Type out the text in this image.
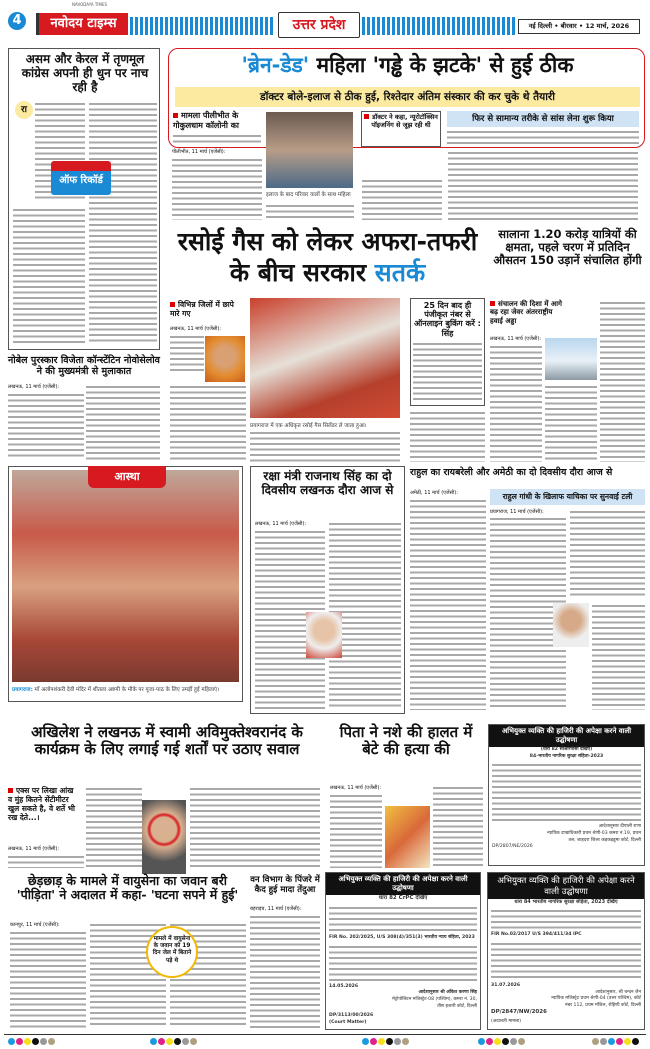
4
NAVODAYA TIMES
नवोदय टाइम्स	उत्तर प्रदेश	नई दिल्ली • बीरवार • 12 मार्च, 2026
असम और केरल में तृणमूल कांग्रेस अपनी ही धुन पर नाच रही है
रा
ऑफ रिकॉर्ड
'ब्रेन-डेड' महिला 'गड्ढे के झटके' से हुई ठीक
डॉक्टर बोले-इलाज से ठीक हुई, रिश्तेदार अंतिम संस्कार की कर चुके थे तैयारी
मामला पीलीभीत के गोकुलधाम कॉलोनी का
डॉक्टर ने कहा, न्यूरोटॉक्सिन पॉइजनिंग से जूझ रही थी
फिर से सामान्य तरीके से सांस लेना शुरू किया
इलाज के बाद परिवार वालों के साथ महिला
पीलीभीत, 11 मार्च (एजेंसी):
रसोई गैस को लेकर अफरा-तफरी के बीच सरकार सतर्क
विभिन्न जिलों में छापे मारे गए
लखनऊ, 11 मार्च (एजेंसी):
प्रयागराज में एक अधिकृत रसोई गैस सिलेंडर ले जाता हुआ।
25 दिन बाद ही पंजीकृत नंबर से ऑनलाइन बुकिंग करें : सिंह
सालाना 1.20 करोड़ यात्रियों की क्षमता, पहले चरण में प्रतिदिन औसतन 150 उड़ानें संचालित होंगी
संचालन की दिशा में आगे बढ़ रहा जेवर अंतरराष्ट्रीय हवाई अड्डा
लखनऊ, 11 मार्च (एजेंसी):
नोबेल पुरस्कार विजेता कॉन्स्टेंटिन नोवोसेलोव ने की मुख्यमंत्री से मुलाकात
लखनऊ, 11 मार्च (एजेंसी):
प्रयागराज: माँ अलोपशंकरी देवी मंदिर में शीतला अष्टमी के मौके पर पूजा-पाठ के लिए उमड़ीं हुईं महिलाएं।
आस्था	रक्षा मंत्री राजनाथ सिंह का दो दिवसीय लखनऊ दौरा आज से
लखनऊ, 11 मार्च (एजेंसी):
राहुल का रायबरेली और अमेठी का दो दिवसीय दौरा आज से
अमेठी, 11 मार्च (एजेंसी):	राहुल गांधी के खिलाफ याचिका पर सुनवाई टली
प्रयागराज, 11 मार्च (एजेंसी):
अखिलेश ने लखनऊ में स्वामी अविमुक्तेश्वरानंद के कार्यक्रम के लिए लगाई गई शर्तों पर उठाए सवाल
एक्स पर लिखा आंख व मुंह कितने सेंटीमीटर खुल सकते है, वे शर्ते भी रख देते...।
लखनऊ, 11 मार्च (एजेंसी):
पिता ने नशे की हालत में बेटे की हत्या की
लखनऊ, 11 मार्च (एजेंसी):
अभियुक्त व्यक्ति की हाजिरी की अपेक्षा करने वाली उद्घोषणा
(धारा 82 सीआरपीसी देखिए)
84-भारतीय नागरिक सुरक्षा संहिता-2023
आदेशानुसार दीपाली राणा
न्यायिक दण्डाधिकारी प्रथम श्रेणी-03 कमरा नं.19, प्रथम तल, शाहदरा जिला कड़कड़डूमा कोर्ट, दिल्ली
DP/2807/NE/2026
छेड़छाड़ के मामले में वायुसेना का जवान बरी 'पीड़िता' ने अदालत में कहा- 'घटना सपने में हुई'
कानपुर, 11 मार्च (एजेंसी):
मामले में वायुसेना के जवान को 19 दिन जेल में बिताने पड़े थे
वन विभाग के पिंजरे में कैद हुई मादा तेंदुआ
बहराइच, 11 मार्च (एजेंसी):
अभियुक्त व्यक्ति की हाजिरी की अपेक्षा करने वाली उद्घोषणा
धारा 82 CrPC देखिए
FIR No. 202/2025, U/S 308(4)/351(3) भारतीय न्याय संहिता, 2023
14.05.2026
आदेशानुसार श्री अंकित करणा सिंह
मेट्रोपोलिटन मजिस्ट्रेट-08 (पश्चिम), कमरा नं. 30, तीस हजारी कोर्ट, दिल्ली
DP/3113/00/2026
(Court Matter)
अभियुक्त व्यक्ति की हाजिरी की अपेक्षा करने वाली उद्घोषणा
धारा 84 भारतीय नागरिक सुरक्षा संहिता, 2023 देखिए
FIR No.02/2017 U/S 394/411/34 IPC
31.07.2026
आदेशानुसार, श्री चन्दन जैन
न्यायिक मजिस्ट्रेट प्रथम श्रेणी-04 (उत्तर पश्चिम), कोर्ट नंबर 112, प्रथम मंजिल, रोहिणी कोर्ट, दिल्ली
DP/2847/NW/2026
(अदालती मामला)
